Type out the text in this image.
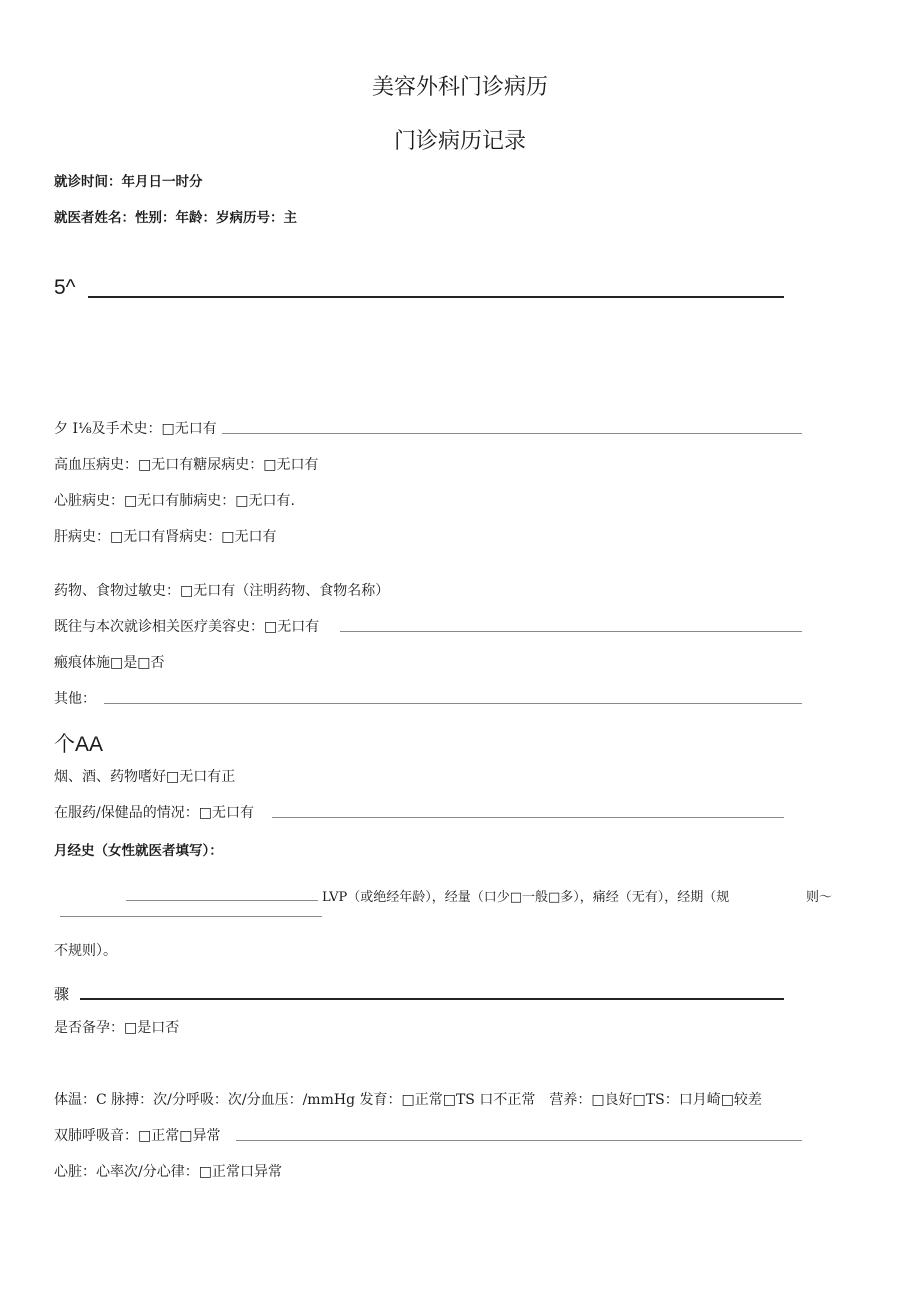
美容外科门诊病历
门诊病历记录
就诊时间：年月日一时分
就医者姓名：性别：年龄：岁病历号：主
5^
夕 I⅛及手术史：□无口有
高血压病史：□无口有糖尿病史：□无口有
心脏病史：□无口有肺病史：□无口有.
肝病史：□无口有肾病史：□无口有
药物、食物过敏史：□无口有（注明药物、食物名称）
既往与本次就诊相关医疗美容史：□无口有
瘢痕体施□是□否
其他：
个AA
烟、酒、药物嗜好□无口有正
在服药/保健品的情况：□无口有
月经史（女性就医者填写）：
LVP（或绝经年龄），经量（口少□一般□多），痛经（无有），经期（规	则～
不规则）。
骤
是否备孕：□是口否
体温：C 脉搏：次/分呼吸：次/分血压：/mmHg 发育：□正常□TS 口不正常　营养：□良好□TS：口月崎□较差
双肺呼吸音：□正常□异常
心脏：心率次/分心律：□正常口异常
